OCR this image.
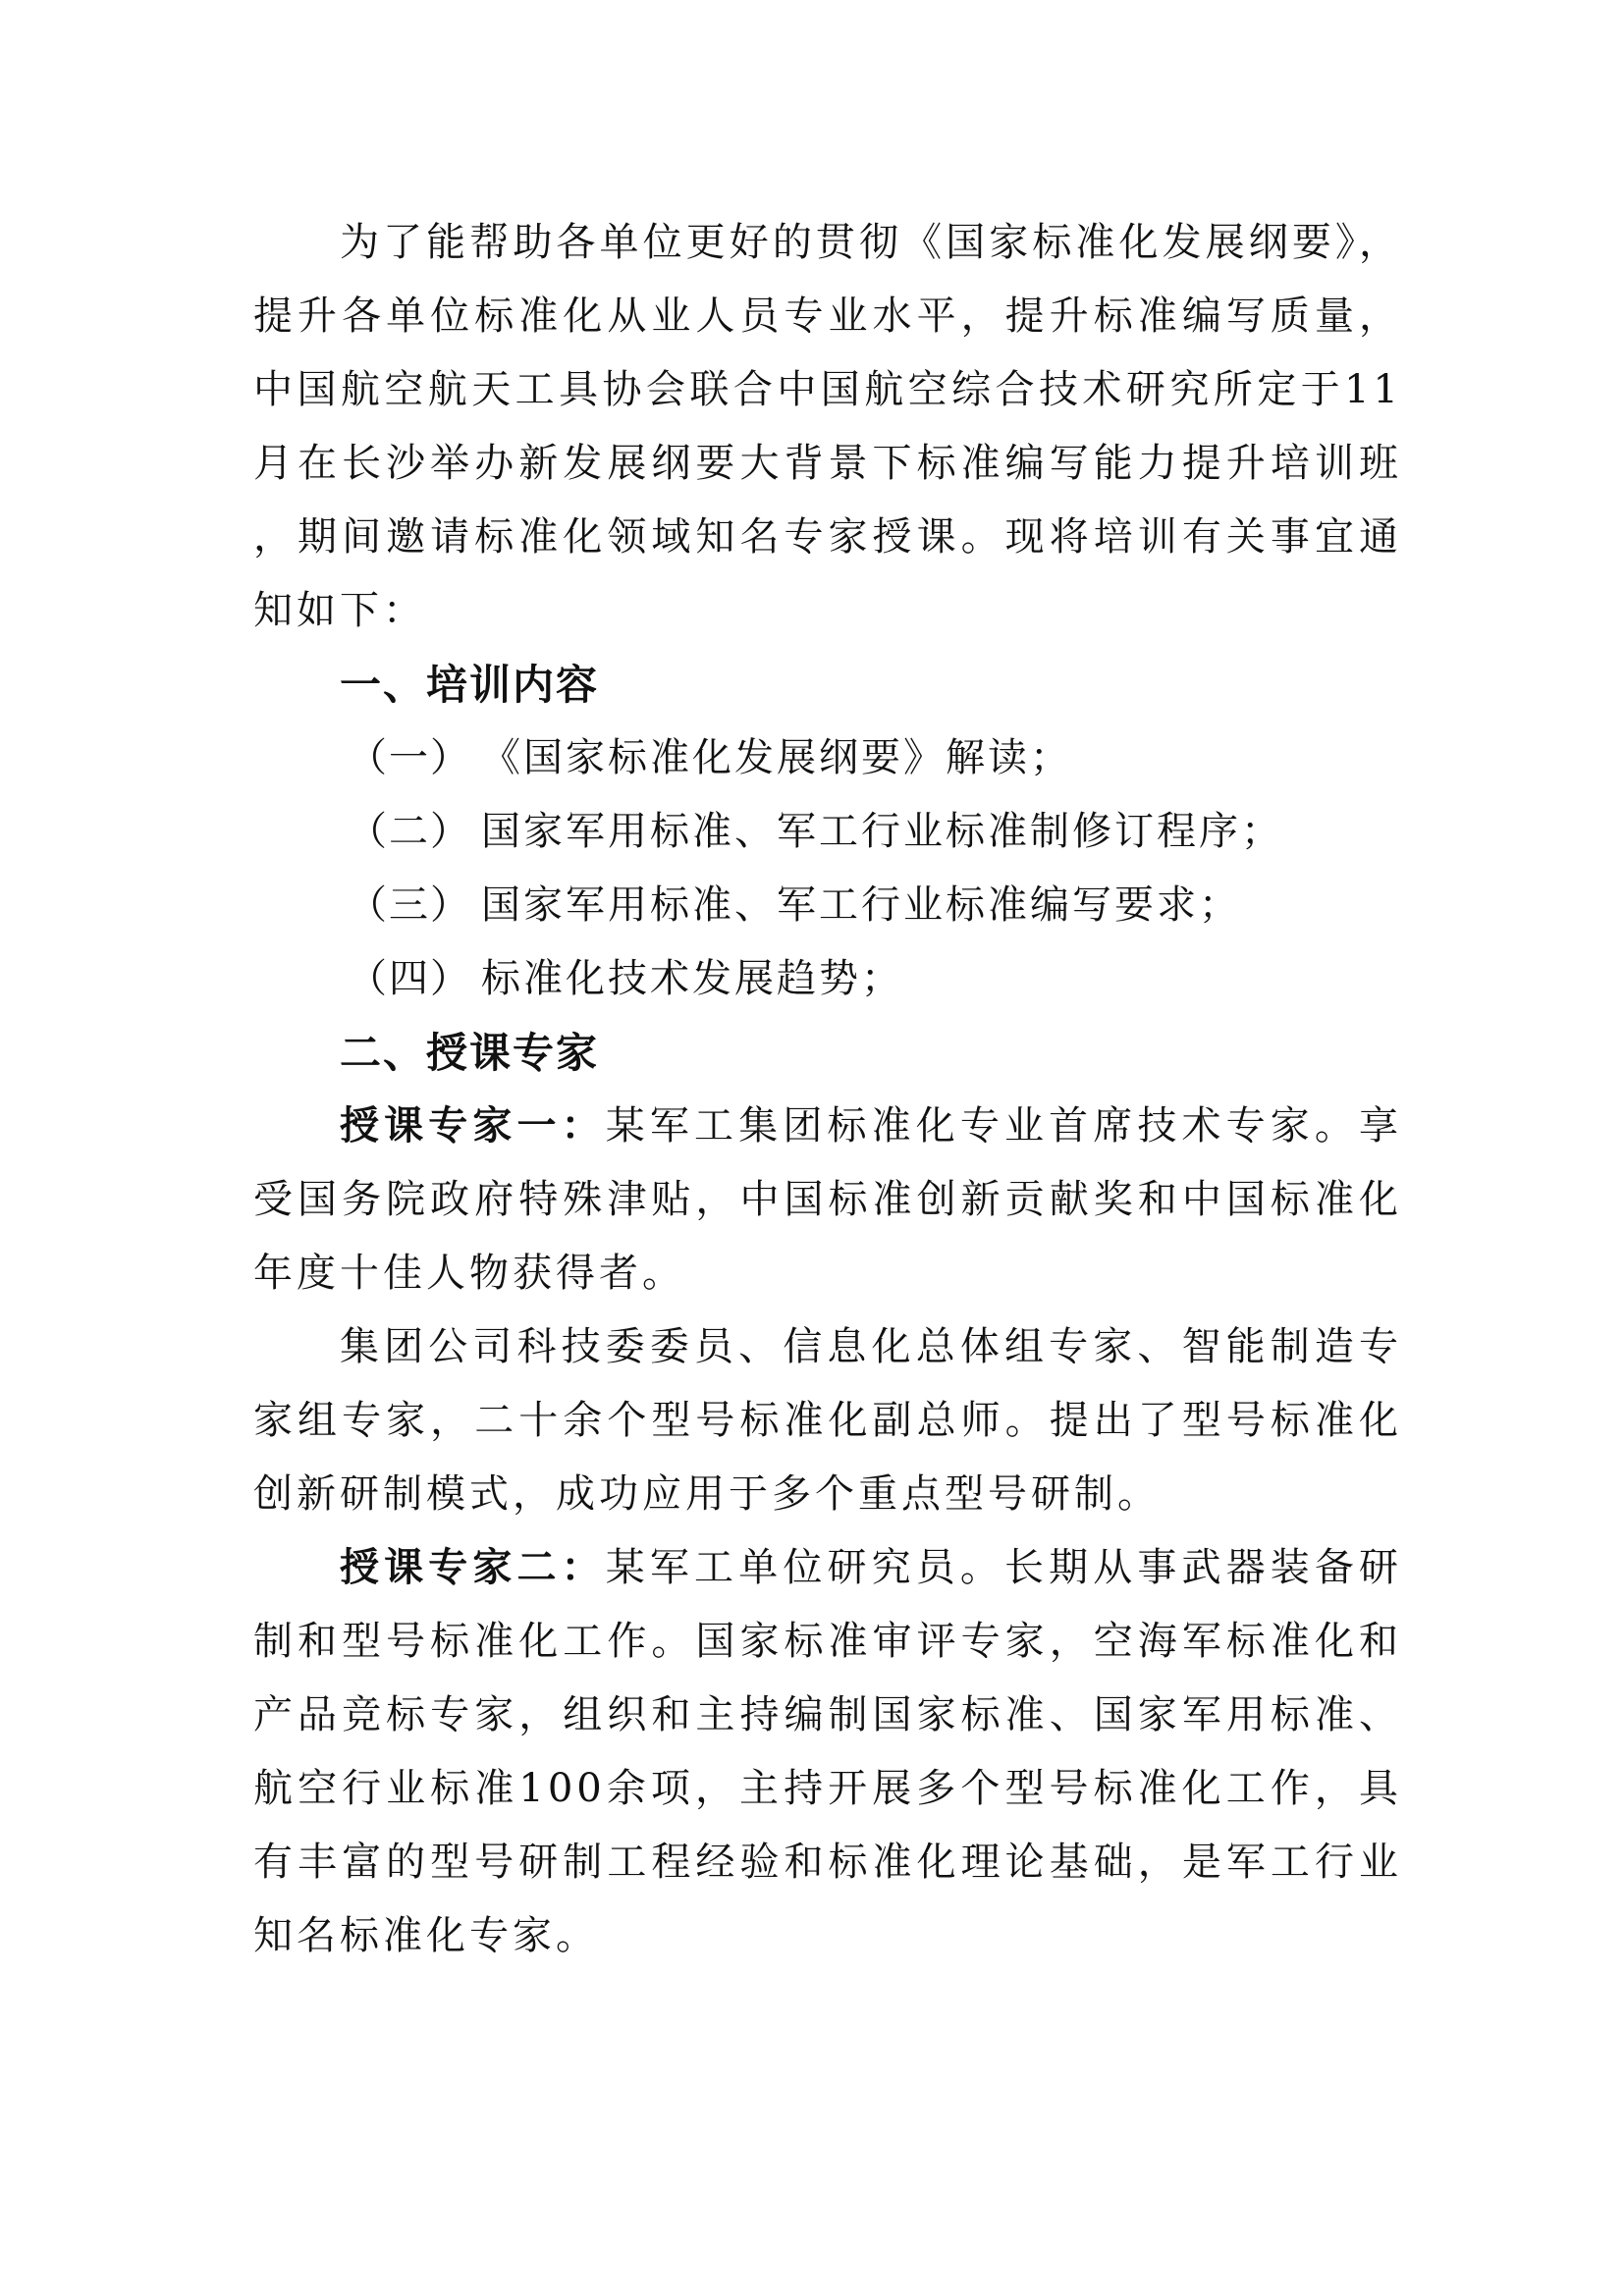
为了能帮助各单位更好的贯彻《国家标准化发展纲要》，提升各单位标准化从业人员专业水平，提升标准编写质量，中国航空航天工具协会联合中国航空综合技术研究所定于11月在长沙举办新发展纲要大背景下标准编写能力提升培训班，期间邀请标准化领域知名专家授课。现将培训有关事宜通知如下：

一、培训内容
（一） 《国家标准化发展纲要》解读；
（二） 国家军用标准、军工行业标准制修订程序；
（三） 国家军用标准、军工行业标准编写要求；
（四） 标准化技术发展趋势；
二、授课专家

授课专家一：某军工集团标准化专业首席技术专家。享受国务院政府特殊津贴，中国标准创新贡献奖和中国标准化年度十佳人物获得者。

集团公司科技委委员、信息化总体组专家、智能制造专家组专家，二十余个型号标准化副总师。提出了型号标准化创新研制模式，成功应用于多个重点型号研制。

授课专家二：某军工单位研究员。长期从事武器装备研制和型号标准化工作。国家标准审评专家，空海军标准化和产品竞标专家，组织和主持编制国家标准、国家军用标准、航空行业标准100余项，主持开展多个型号标准化工作，具有丰富的型号研制工程经验和标准化理论基础，是军工行业知名标准化专家。
